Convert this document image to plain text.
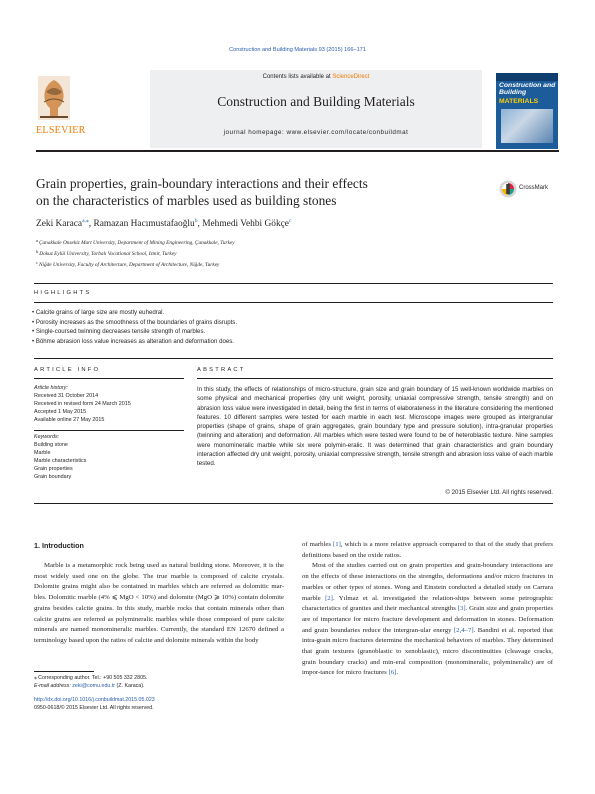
Construction and Building Materials 93 (2015) 166–171
ELSEVIER
Contents lists available at ScienceDirect
Construction and Building Materials
journal homepage: www.elsevier.com/locate/conbuildmat
Construction and Building
MATERIALS
Grain properties, grain-boundary interactions and their effects
on the characteristics of marbles used as building stones
CrossMark
Zeki Karaca$^{a,⁎}$, Ramazan Hacımustafaoğlu$^b$, Mehmedi Vehbi Gökçe$^c$
$^a$Çanakkale Onsekiz Mart University, Department of Mining Engineering, Çanakkale, Turkey
$^b$Dokuz Eylül University, Torbalı Vocational School, Izmir, Turkey
$^c$Niğde University, Faculty of Architecture, Department of Architecture, Niğde, Turkey
HIGHLIGHTS
• Calcite grains of large size are mostly euhedral.
• Porosity increases as the smoothness of the boundaries of grains disrupts.
• Single-coursed twinning decreases tensile strength of marbles.
• Böhme abrasion loss value increases as alteration and deformation does.
ARTICLE INFO	ABSTRACT
Article history:
Received 31 October 2014
Received in revised form 24 March 2015
Accepted 1 May 2015
Available online 27 May 2015
Keywords:
Building stone
Marble
Marble characteristics
Grain properties
Grain boundary
In this study, the effects of relationships of micro-structure, grain size and grain boundary of 15 well-known worldwide marbles on some physical and mechanical properties (dry unit weight, porosity, uniaxial compressive strength, tensile strength) and on abrasion loss value were investigated in detail, being the first in terms of elaborateness in the literature considering the mentioned features. 10 different samples were tested for each marble in each test. Microscope images were grouped as intergranular properties (shape of grains, shape of grain aggregates, grain boundary type and pressure solution), intra-granular properties (twinning and alteration) and deformation. All marbles which were tested were found to be of heteroblastic texture. Nine samples were monomineralic marble while six were polymin-eralic. It was determined that grain characteristics and grain boundary interaction affected dry unit weight, porosity, uniaxial compressive strength, tensile strength and abrasion loss value of each marble tested.
© 2015 Elsevier Ltd. All rights reserved.
1. Introduction
Marble is a metamorphic rock being used as natural building stone. Moreover, it is the most widely used one on the globe. The true marble is composed of calcite crystals. Dolomite grains might also be contained in marbles which are referred as dolomitic mar-bles. Dolomitic marble (4% ⩽ MgO < 10%) and dolomite (MgO ⩾ 10%) contain dolomite grains besides calcite grains. In this study, marble rocks that contain minerals other than calcite grains are referred as polymineralic marbles while those composed of pure calcite minerals are named monomineralic marbles. Currently, the standard EN 12670 defined a terminology based upon the ratios of calcite and dolomite minerals within the body
of marbles [1], which is a more relative approach compared to that of the study that prefers definitions based on the oxide ratios.
Most of the studies carried out on grain properties and grain-boundary interactions are on the effects of these interactions on the strengths, deformations and/or micro fractures in marbles or other types of stones. Wong and Einstein conducted a detailed study on Carrara marble [2]. Yılmaz et al. investigated the relation-ships between some petrographic characteristics of granites and their mechanical strengths [3]. Grain size and grain properties are of importance for micro fracture development and deformation in stones. Deformation and grain boundaries reduce the intergran-ular energy [2,4–7]. Bandini et al. reported that intra-grain micro fractures determine the mechanical behaviors of marbles. They determined that grain textures (granoblastic to xenoblastic), micro discontinuities (cleavage cracks, grain boundary cracks) and min-eral composition (monomineralic, polymineralic) are of impor-tance for micro fractures [6].
⁎ Corresponding author. Tel.: +90 505 332 2805.
E-mail address: zeki@comu.edu.tr (Z. Karaca).
http://dx.doi.org/10.1016/j.conbuildmat.2015.05.023
0950-0618/© 2015 Elsevier Ltd. All rights reserved.
